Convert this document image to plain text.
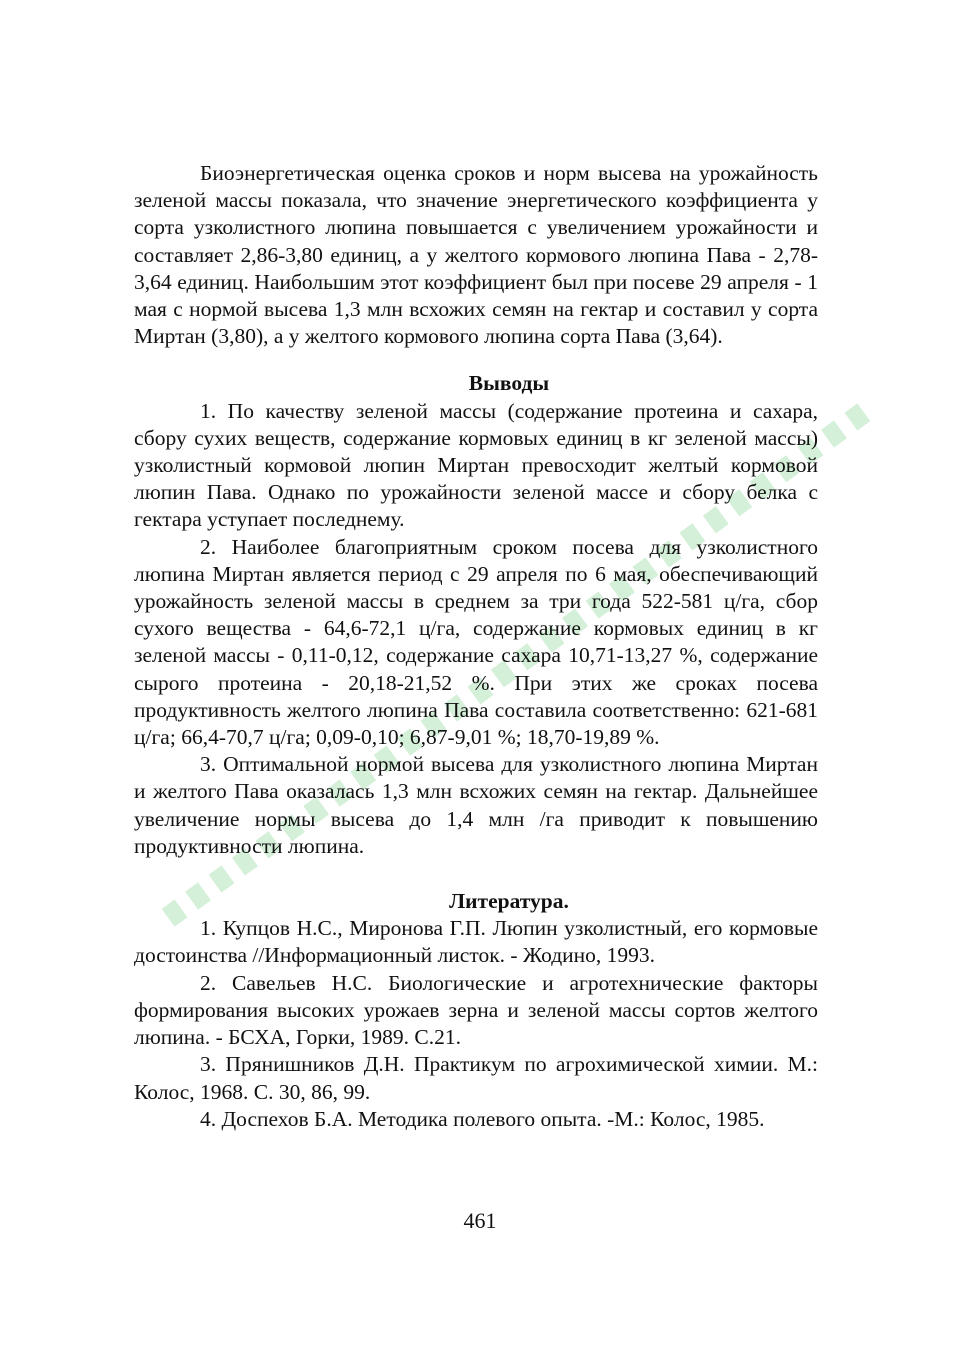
Биоэнергетическая оценка сроков и норм высева на урожайность зеленой массы показала, что значение энергетического коэффициента у сорта узколистного люпина повышается с увеличением урожайности и составляет 2,86-3,80 единиц, а у желтого кормового люпина Пава - 2,78-3,64 единиц. Наибольшим этот коэффициент был при посеве 29 апреля - 1 мая с нормой высева 1,3 млн всхожих семян на гектар и составил у сорта Миртан (3,80), а у желтого кормового люпина сорта Пава (3,64).

Выводы

1. По качеству зеленой массы (содержание протеина и сахара, сбору сухих веществ, содержание кормовых единиц в кг зеленой массы) узколистный кормовой люпин Миртан превосходит желтый кормовой люпин Пава. Однако по урожайности зеленой массе и сбору белка с гектара уступает последнему.

2. Наиболее благоприятным сроком посева для узколистного люпина Миртан является период с 29 апреля по 6 мая, обеспечивающий урожайность зеленой массы в среднем за три года 522-581 ц/га, сбор сухого вещества - 64,6-72,1 ц/га, содержание кормовых единиц в кг зеленой массы - 0,11-0,12, содержание сахара 10,71-13,27 %, содержание сырого протеина - 20,18-21,52 %. При этих же сроках посева продуктивность желтого люпина Пава составила соответственно: 621-681 ц/га; 66,4-70,7 ц/га; 0,09-0,10; 6,87-9,01 %; 18,70-19,89 %.

3. Оптимальной нормой высева для узколистного люпина Миртан и желтого Пава оказалась 1,3 млн всхожих семян на гектар. Дальнейшее увеличение нормы высева до 1,4 млн /га приводит к повышению продуктивности люпина.

Литература.

1. Купцов Н.С., Миронова Г.П. Люпин узколистный, его кормовые достоинства //Информационный листок. - Жодино, 1993.

2. Савельев Н.С. Биологические и агротехнические факторы формирования высоких урожаев зерна и зеленой массы сортов желтого люпина. - БСХА, Горки, 1989. С.21.

3. Прянишников Д.Н. Практикум по агрохимической химии. М.: Колос, 1968. С. 30, 86, 99.

4. Доспехов Б.А. Методика полевого опыта. -М.: Колос, 1985.

461
